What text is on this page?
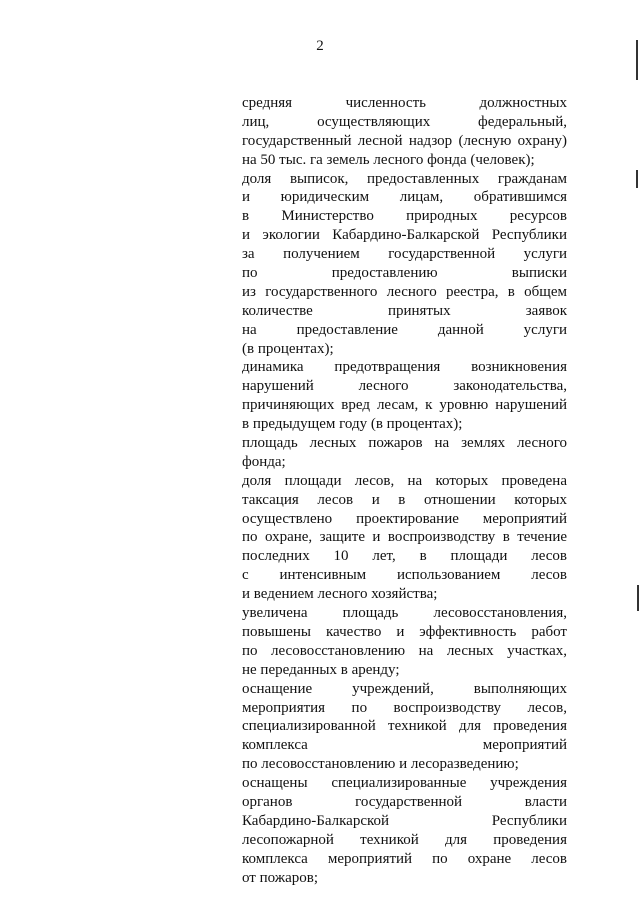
2
средняя численность должностных
лиц, осуществляющих федеральный,
государственный лесной надзор (лесную охрану)
на 50 тыс. га земель лесного фонда (человек);
доля выписок, предоставленных гражданам
и юридическим лицам, обратившимся
в Министерство природных ресурсов
и экологии Кабардино-Балкарской Республики
за получением государственной услуги
по предоставлению выписки
из государственного лесного реестра, в общем
количестве принятых заявок
на предоставление данной услуги
(в процентах);
динамика предотвращения возникновения
нарушений лесного законодательства,
причиняющих вред лесам, к уровню нарушений
в предыдущем году (в процентах);
площадь лесных пожаров на землях лесного
фонда;
доля площади лесов, на которых проведена
таксация лесов и в отношении которых
осуществлено проектирование мероприятий
по охране, защите и воспроизводству в течение
последних 10 лет, в площади лесов
с интенсивным использованием лесов
и ведением лесного хозяйства;
увеличена площадь лесовосстановления,
повышены качество и эффективность работ
по лесовосстановлению на лесных участках,
не переданных в аренду;
оснащение учреждений, выполняющих
мероприятия по воспроизводству лесов,
специализированной техникой для проведения
комплекса мероприятий
по лесовосстановлению и лесоразведению;
оснащены специализированные учреждения
органов государственной власти
Кабардино-Балкарской Республики
лесопожарной техникой для проведения
комплекса мероприятий по охране лесов
от пожаров;
